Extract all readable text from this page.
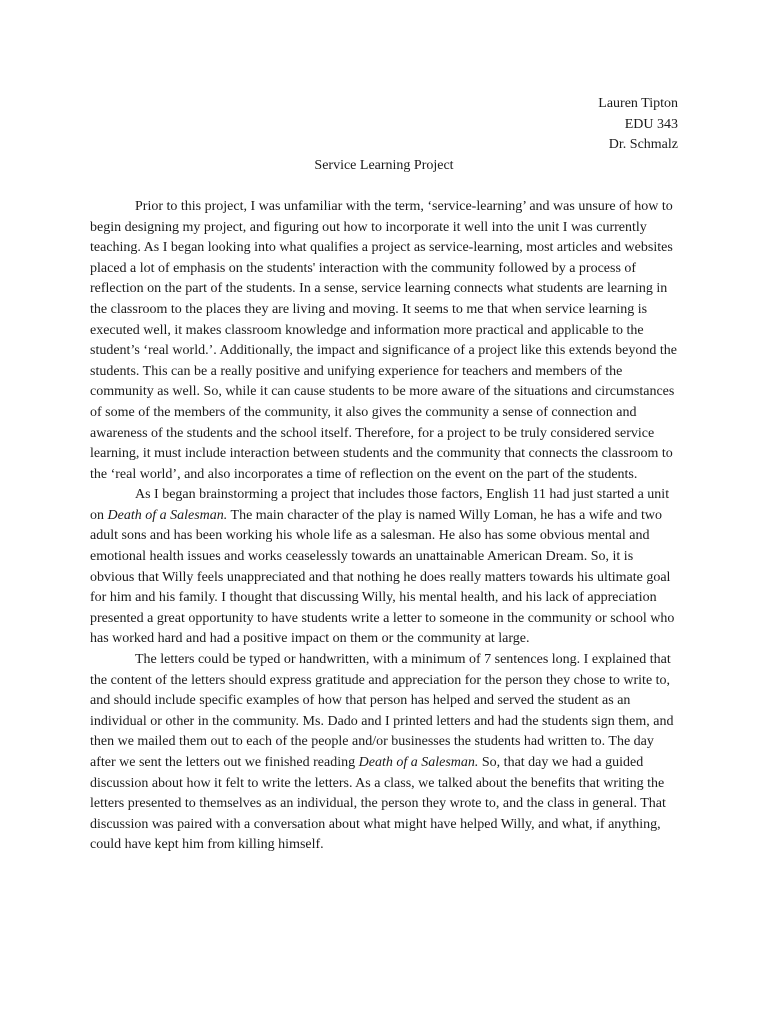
Lauren Tipton
EDU 343
Dr. Schmalz
Service Learning Project

Prior to this project, I was unfamiliar with the term, ‘service-learning’ and was unsure of how to begin designing my project, and figuring out how to incorporate it well into the unit I was currently teaching. As I began looking into what qualifies a project as service-learning, most articles and websites placed a lot of emphasis on the students' interaction with the community followed by a process of reflection on the part of the students. In a sense, service learning connects what students are learning in the classroom to the places they are living and moving. It seems to me that when service learning is executed well, it makes classroom knowledge and information more practical and applicable to the student’s ‘real world.’. Additionally, the impact and significance of a project like this extends beyond the students. This can be a really positive and unifying experience for teachers and members of the community as well. So, while it can cause students to be more aware of the situations and circumstances of some of the members of the community, it also gives the community a sense of connection and awareness of the students and the school itself. Therefore, for a project to be truly considered service learning, it must include interaction between students and the community that connects the classroom to the ‘real world’, and also incorporates a time of reflection on the event on the part of the students.

As I began brainstorming a project that includes those factors, English 11 had just started a unit on Death of a Salesman. The main character of the play is named Willy Loman, he has a wife and two adult sons and has been working his whole life as a salesman. He also has some obvious mental and emotional health issues and works ceaselessly towards an unattainable American Dream. So, it is obvious that Willy feels unappreciated and that nothing he does really matters towards his ultimate goal for him and his family. I thought that discussing Willy, his mental health, and his lack of appreciation presented a great opportunity to have students write a letter to someone in the community or school who has worked hard and had a positive impact on them or the community at large.

The letters could be typed or handwritten, with a minimum of 7 sentences long. I explained that the content of the letters should express gratitude and appreciation for the person they chose to write to, and should include specific examples of how that person has helped and served the student as an individual or other in the community. Ms. Dado and I printed letters and had the students sign them, and then we mailed them out to each of the people and/or businesses the students had written to. The day after we sent the letters out we finished reading Death of a Salesman. So, that day we had a guided discussion about how it felt to write the letters. As a class, we talked about the benefits that writing the letters presented to themselves as an individual, the person they wrote to, and the class in general. That discussion was paired with a conversation about what might have helped Willy, and what, if anything, could have kept him from killing himself.
